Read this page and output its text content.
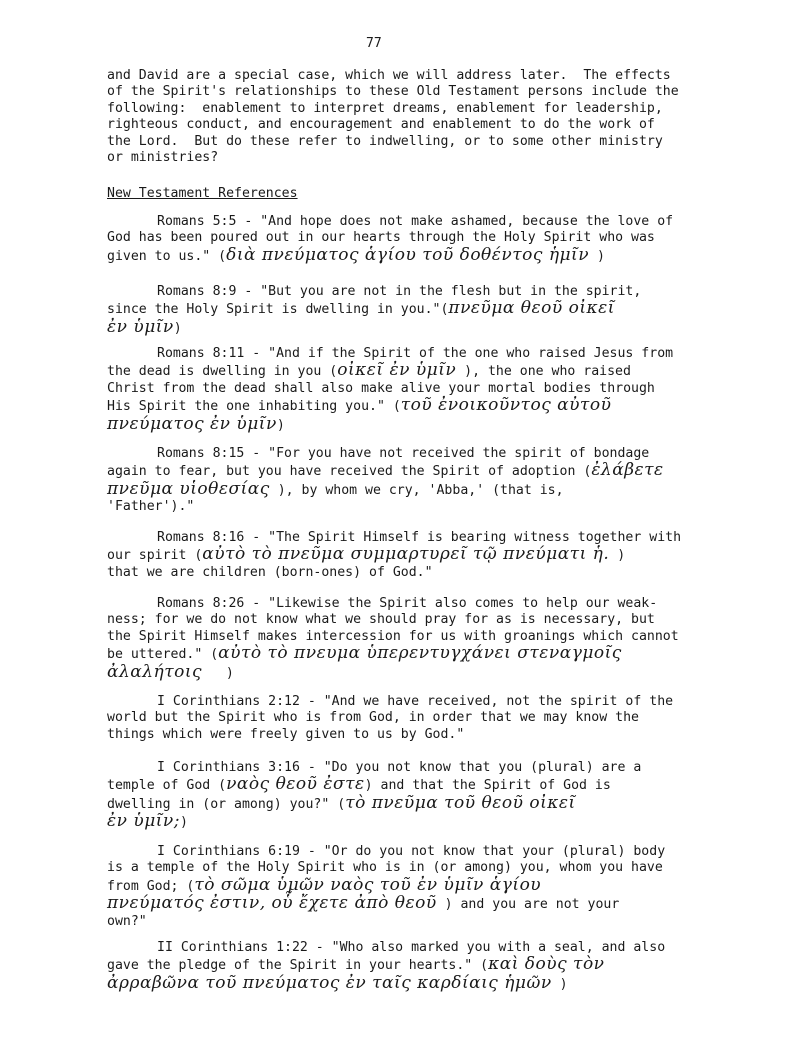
77
and David are a special case, which we will address later.  The effects
of the Spirit's relationships to these Old Testament persons include the
following:  enablement to interpret dreams, enablement for leadership,
righteous conduct, and encouragement and enablement to do the work of
the Lord.  But do these refer to indwelling, or to some other ministry
or ministries?
New Testament References
Romans 5:5 - "And hope does not make ashamed, because the love of
God has been poured out in our hearts through the Holy Spirit who was
given to us." (διὰ πνεύματος ἁγίου τοῦ δοθέντος ἡμῖν )
Romans 8:9 - "But you are not in the flesh but in the spirit,
since the Holy Spirit is dwelling in you."(πνεῦμα θεοῦ οἰκεῖ
ἐν ὑμῖν)
Romans 8:11 - "And if the Spirit of the one who raised Jesus from
the dead is dwelling in you (οἰκεῖ ἐν ὑμῖν ), the one who raised
Christ from the dead shall also make alive your mortal bodies through
His Spirit the one inhabiting you." (τοῦ ἐνοικοῦντος αὐτοῦ
πνεύματος ἐν ὑμῖν)
Romans 8:15 - "For you have not received the spirit of bondage
again to fear, but you have received the Spirit of adoption (ἐλάβετε
πνεῦμα υἱοθεσίας ), by whom we cry, 'Abba,' (that is,
'Father')."
Romans 8:16 - "The Spirit Himself is bearing witness together with
our spirit (αὐτὸ τὸ πνεῦμα συμμαρτυρεῖ τῷ πνεύματι ἡ. )
that we are children (born-ones) of God."
Romans 8:26 - "Likewise the Spirit also comes to help our weak-
ness; for we do not know what we should pray for as is necessary, but
the Spirit Himself makes intercession for us with groanings which cannot
be uttered." (αὐτὸ τὸ πνευμα ὑπερεντυγχάνει στεναγμοῖς
ἀλαλήτοις   )
I Corinthians 2:12 - "And we have received, not the spirit of the
world but the Spirit who is from God, in order that we may know the
things which were freely given to us by God."
I Corinthians 3:16 - "Do you not know that you (plural) are a
temple of God (ναὸς θεοῦ ἐστε) and that the Spirit of God is
dwelling in (or among) you?" (τὸ πνεῦμα τοῦ θεοῦ οἰκεῖ
ἐν ὑμῖν;)
I Corinthians 6:19 - "Or do you not know that your (plural) body
is a temple of the Holy Spirit who is in (or among) you, whom you have
from God; (τὸ σῶμα ὑμῶν ναὸς τοῦ ἐν ὑμῖν ἁγίου
πνεύματός ἐστιν, οὗ ἔχετε ἀπὸ θεοῦ ) and you are not your
own?"
II Corinthians 1:22 - "Who also marked you with a seal, and also
gave the pledge of the Spirit in your hearts." (καὶ δοὺς τὸν
ἀρραβῶνα τοῦ πνεύματος ἐν ταῖς καρδίαις ἡμῶν )
